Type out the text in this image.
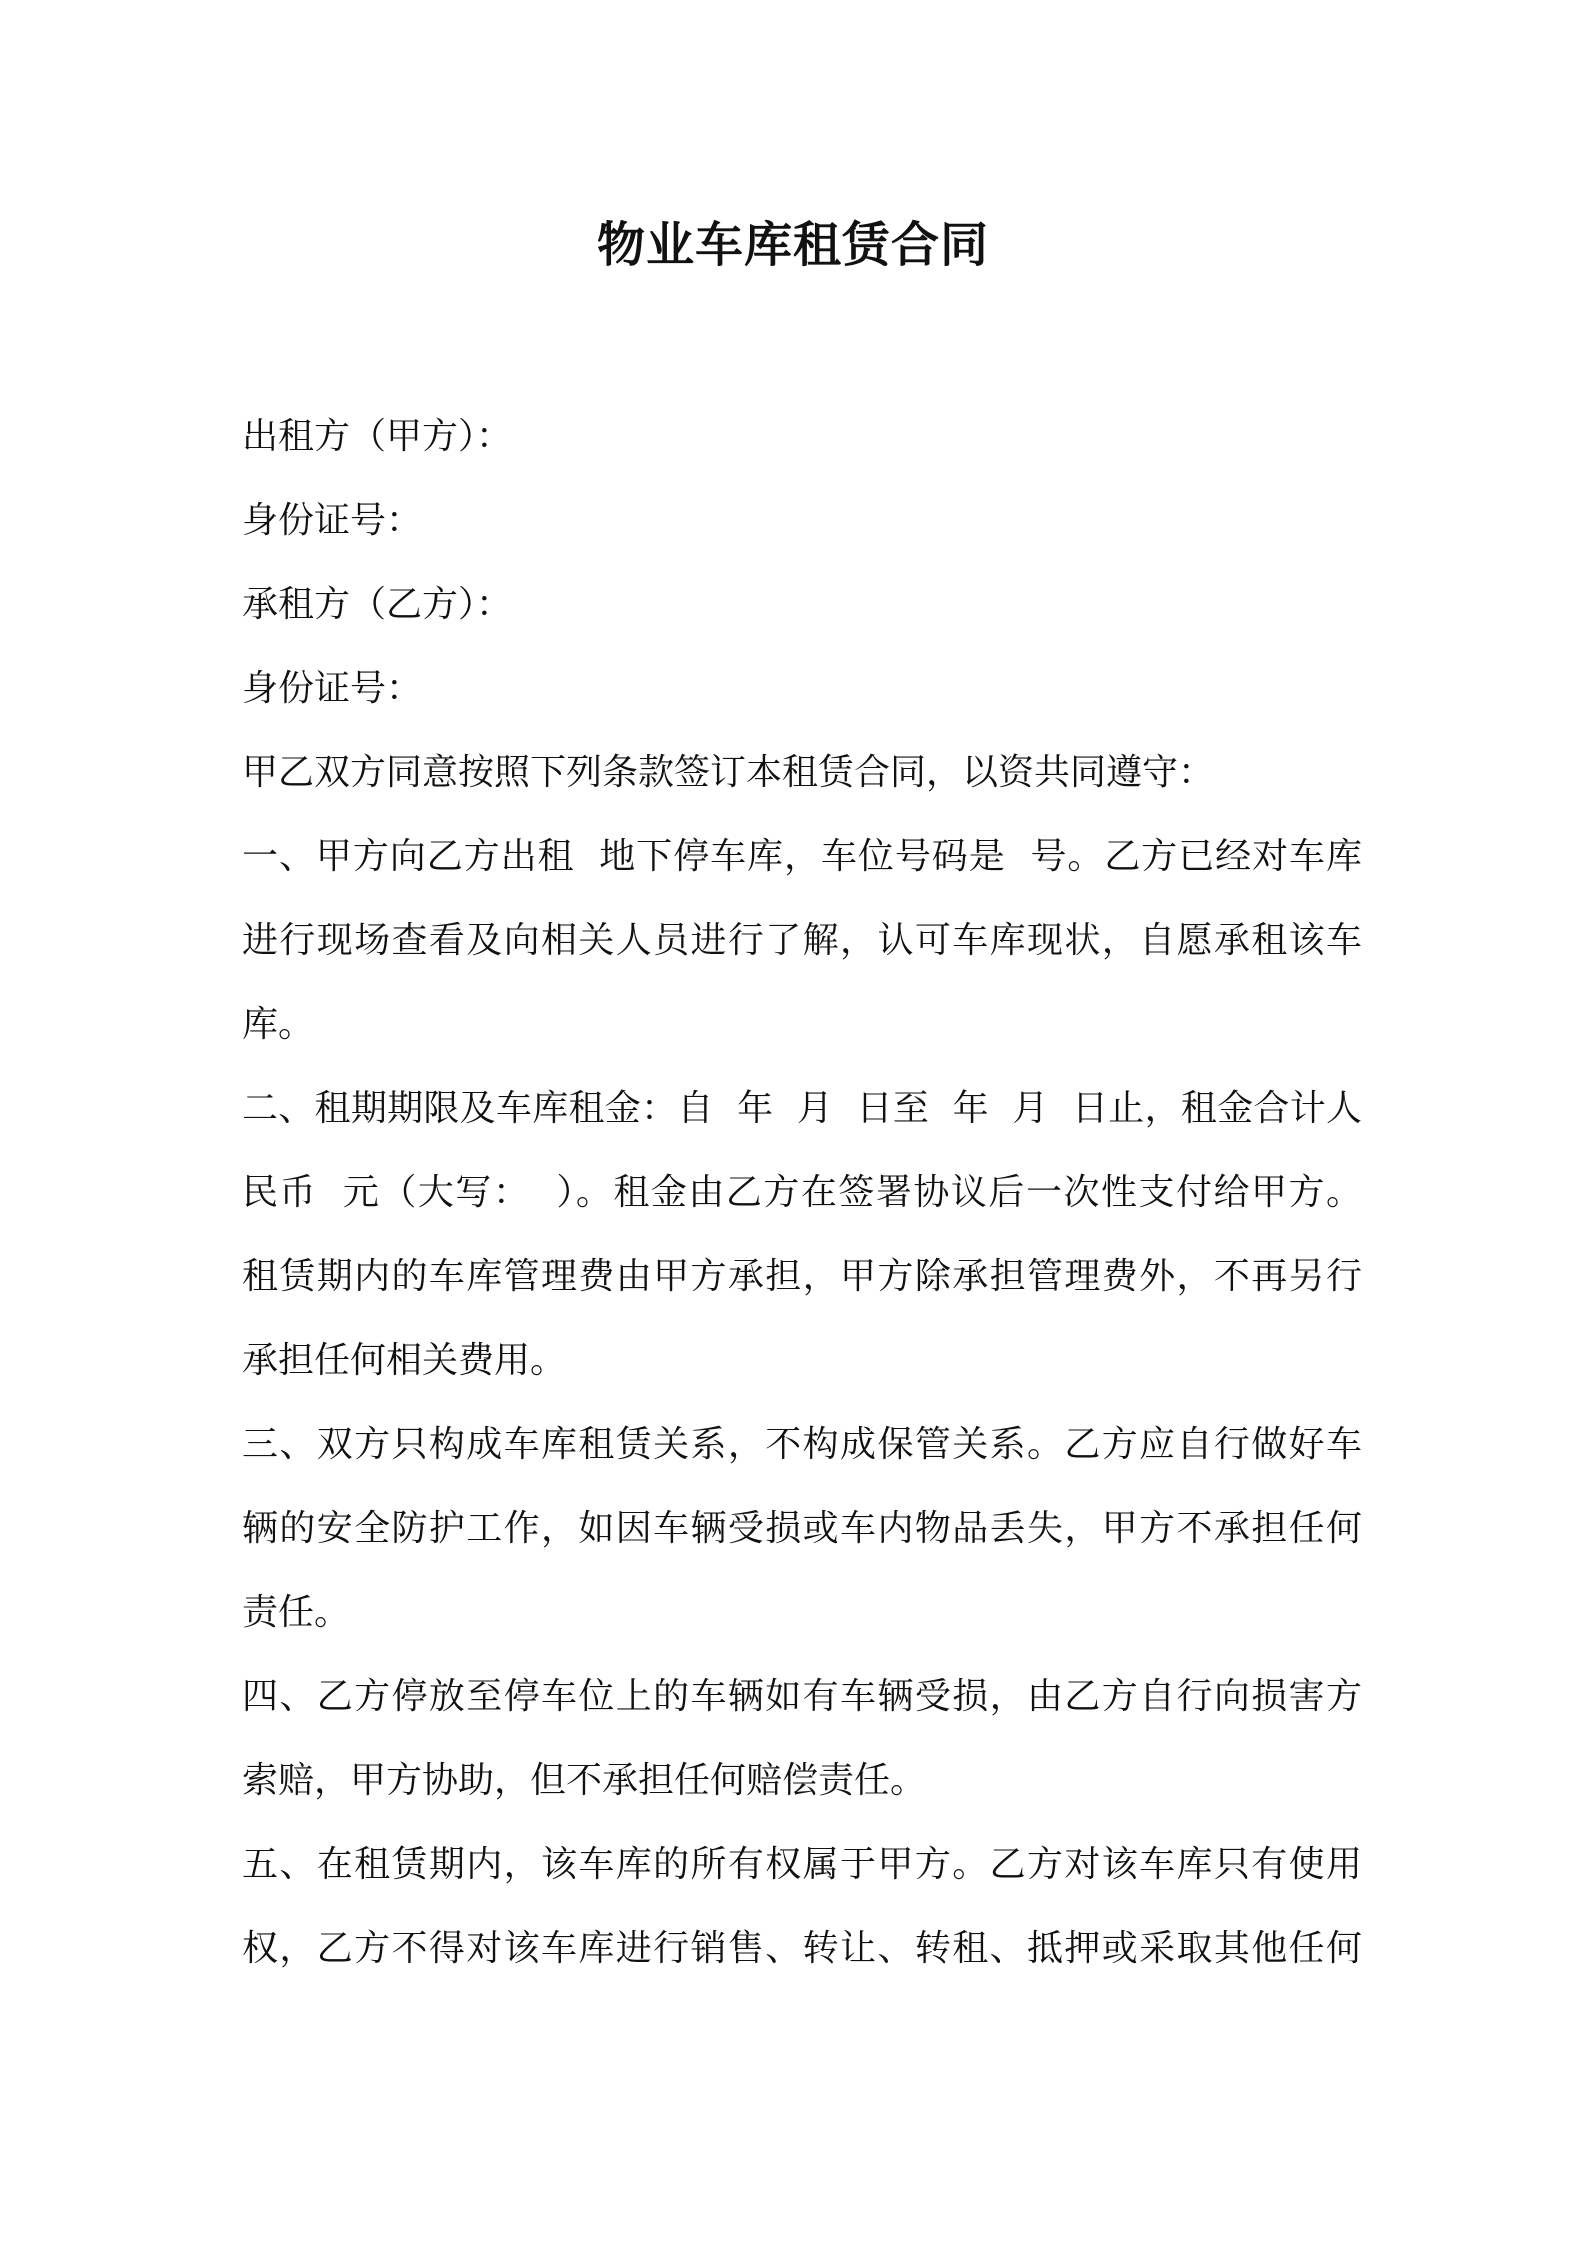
物业车库租赁合同
出租方（甲方）：
身份证号：
承租方（乙方）：
身份证号：
甲乙双方同意按照下列条款签订本租赁合同，以资共同遵守：
一、甲方向乙方出租  地下停车库，车位号码是  号。乙方已经对车库
进行现场查看及向相关人员进行了解，认可车库现状，自愿承租该车
库。
二、租期期限及车库租金：自  年  月  日至  年  月  日止，租金合计人
民币  元（大写：  ）。租金由乙方在签署协议后一次性支付给甲方。
租赁期内的车库管理费由甲方承担，甲方除承担管理费外，不再另行
承担任何相关费用。
三、双方只构成车库租赁关系，不构成保管关系。乙方应自行做好车
辆的安全防护工作，如因车辆受损或车内物品丢失，甲方不承担任何
责任。
四、乙方停放至停车位上的车辆如有车辆受损，由乙方自行向损害方
索赔，甲方协助，但不承担任何赔偿责任。
五、在租赁期内，该车库的所有权属于甲方。乙方对该车库只有使用
权，乙方不得对该车库进行销售、转让、转租、抵押或采取其他任何
